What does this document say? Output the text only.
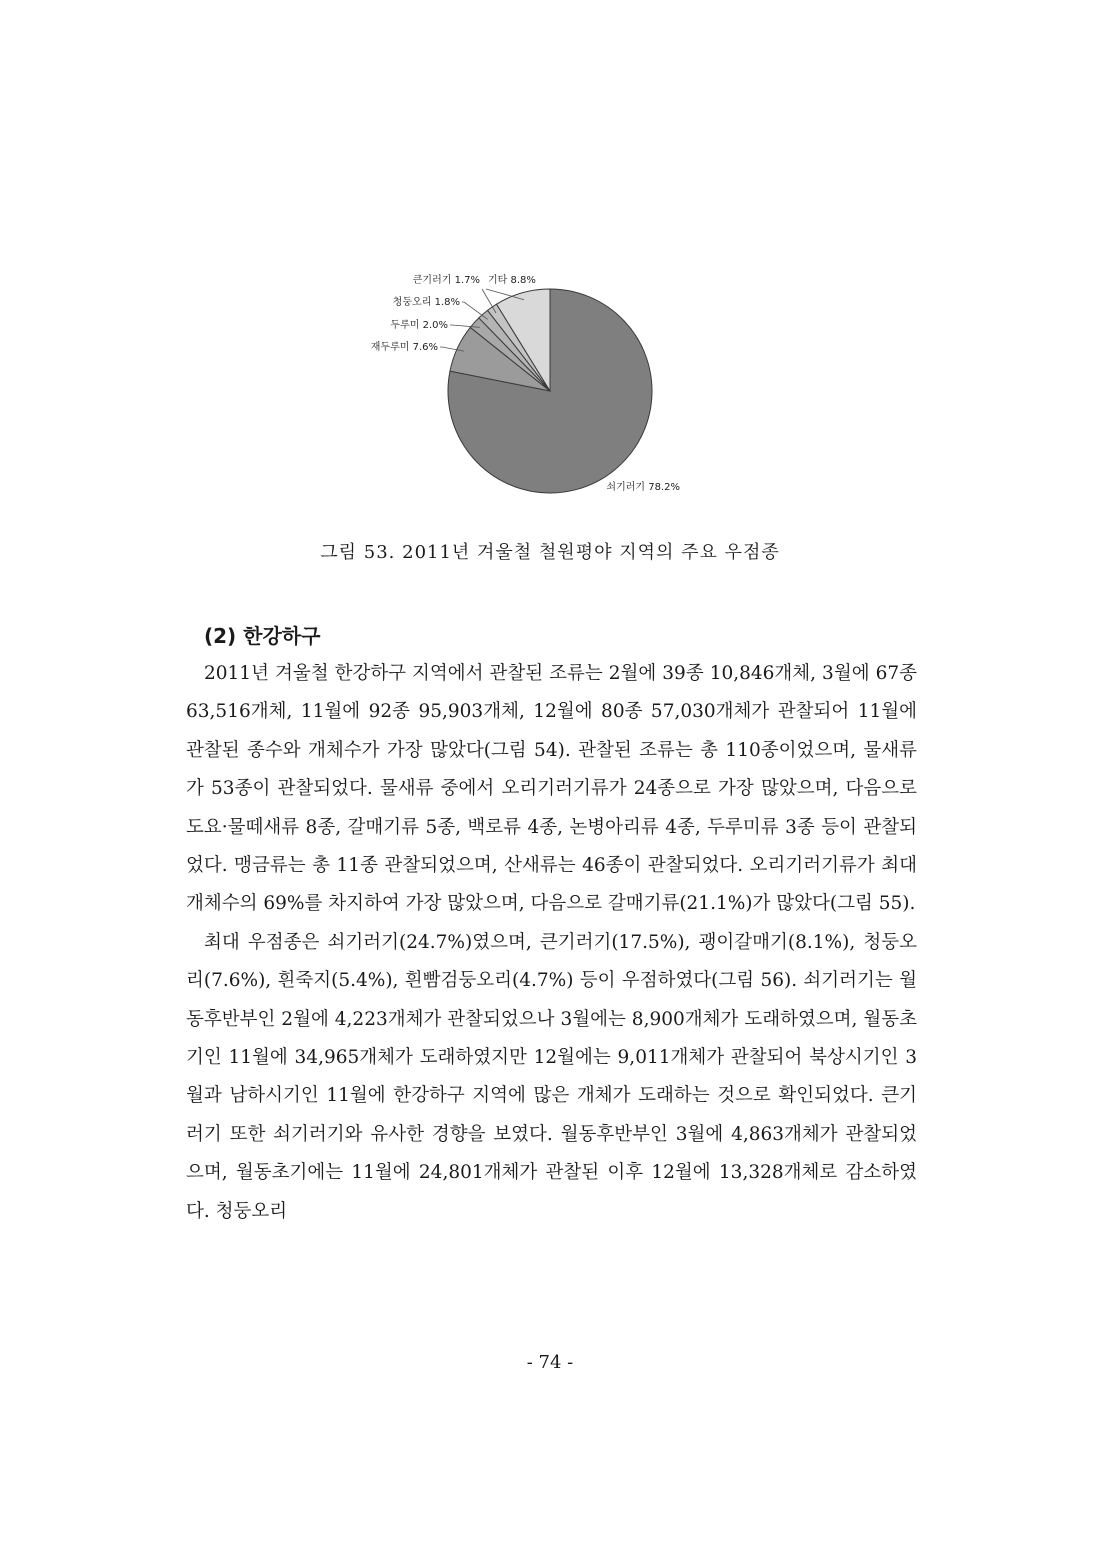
쇠기러기 78.2%
재두루미 7.6%
두루미 2.0%
청둥오리 1.8%
큰기러기 1.7% 기타 8.8%
그림 53. 2011년 겨울철 철원평야 지역의 주요 우점종
(2) 한강하구

2011년 겨울철 한강하구 지역에서 관찰된 조류는 2월에 39종 10,846개체, 3월에 67종 63,516개체, 11월에 92종 95,903개체, 12월에 80종 57,030개체가 관찰되어 11월에 관찰된 종수와 개체수가 가장 많았다(그림 54). 관찰된 조류는 총 110종이었으며, 물새류가 53종이 관찰되었다. 물새류 중에서 오리기러기류가 24종으로 가장 많았으며, 다음으로 도요·물떼새류 8종, 갈매기류 5종, 백로류 4종, 논병아리류 4종, 두루미류 3종 등이 관찰되었다. 맹금류는 총 11종 관찰되었으며, 산새류는 46종이 관찰되었다. 오리기러기류가 최대개체수의 69%를 차지하여 가장 많았으며, 다음으로 갈매기류(21.1%)가 많았다(그림 55).

최대 우점종은 쇠기러기(24.7%)였으며, 큰기러기(17.5%), 괭이갈매기(8.1%), 청둥오리(7.6%), 흰죽지(5.4%), 흰빰검둥오리(4.7%) 등이 우점하였다(그림 56). 쇠기러기는 월동후반부인 2월에 4,223개체가 관찰되었으나 3월에는 8,900개체가 도래하였으며, 월동초기인 11월에 34,965개체가 도래하였지만 12월에는 9,011개체가 관찰되어 북상시기인 3월과 남하시기인 11월에 한강하구 지역에 많은 개체가 도래하는 것으로 확인되었다. 큰기러기 또한 쇠기러기와 유사한 경향을 보였다. 월동후반부인 3월에 4,863개체가 관찰되었으며, 월동초기에는 11월에 24,801개체가 관찰된 이후 12월에 13,328개체로 감소하였다. 청둥오리

- 74 -
